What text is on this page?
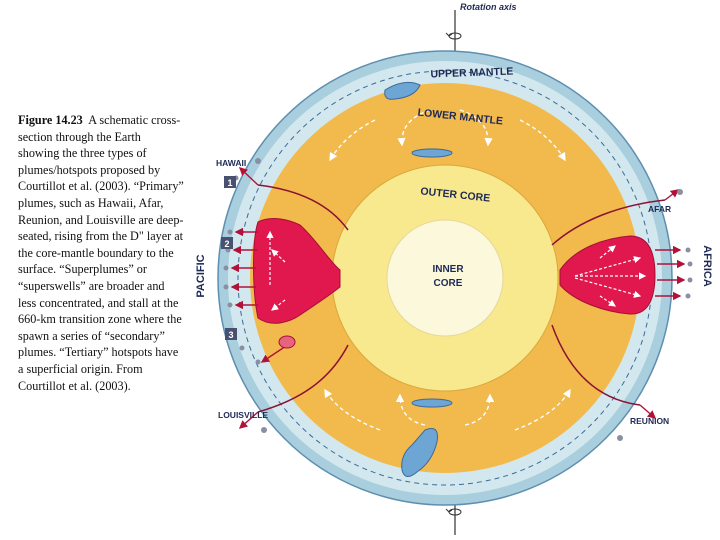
Figure 14.23 A schematic cross-section through the Earth showing the three types of plumes/hotspots proposed by Courtillot et al. (2003). “Primary” plumes, such as Hawaii, Afar, Reunion, and Louisville are deep-seated, rising from the D" layer at the core-mantle boundary to the surface. “Superplumes” or “superswells” are broader and less concentrated, and stall at the 660-km transition zone where the spawn a series of “secondary” plumes. “Tertiary” hotspots have a superficial origin. From Courtillot et al. (2003).
Rotation axis
UPPER MANTLE
LOWER MANTLE
OUTER CORE
INNER
CORE
PACIFIC	AFRICA
HAWAII
LOUISVILLE
AFAR
REUNION
1
2
3
